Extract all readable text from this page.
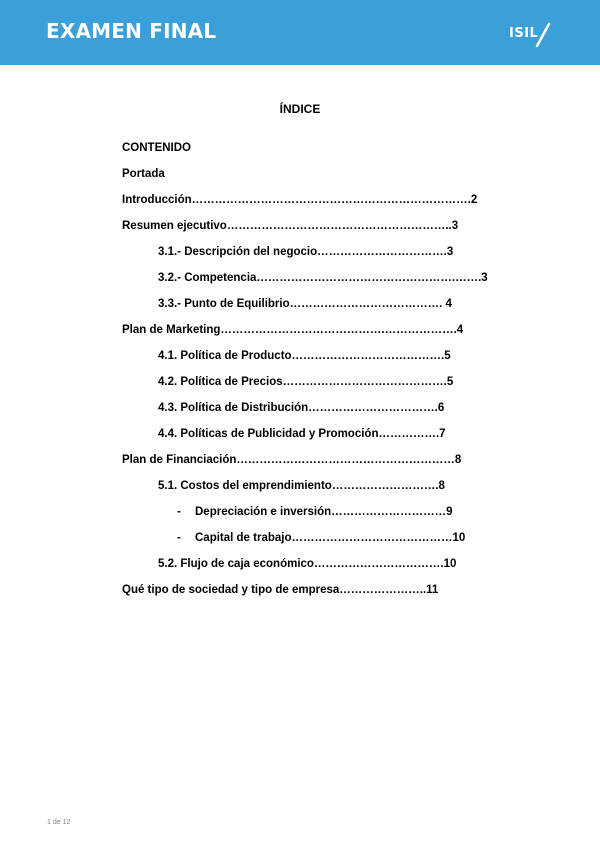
EXAMEN FINAL	ISIL
ÍNDICE
CONTENIDO
Portada
Introducción……………………………………………………………….2
Resumen ejecutivo…………………………………………………..3
3.1.- Descripción del negocio…………………………….3
3.2.- Competencia…………………………………………….…….3
3.3.- Punto de Equilibrio…………………………………. 4
Plan de Marketing…………………………………….……………….4
4.1. Política de Producto………………………………….5
4.2. Política de Precios…………………………………….5
4.3. Política de Distribución…………………………….6
4.4. Políticas de Publicidad y Promoción…………….7
Plan de Financiación…………………………………………………8
5.1. Costos del emprendimiento……………………….8
Depreciación e inversión…………………………9
-
Capital de trabajo……………………………………10
-
5.2. Flujo de caja económico…………………………….10
Qué tipo de sociedad y tipo de empresa…………………..11
1 de 12
